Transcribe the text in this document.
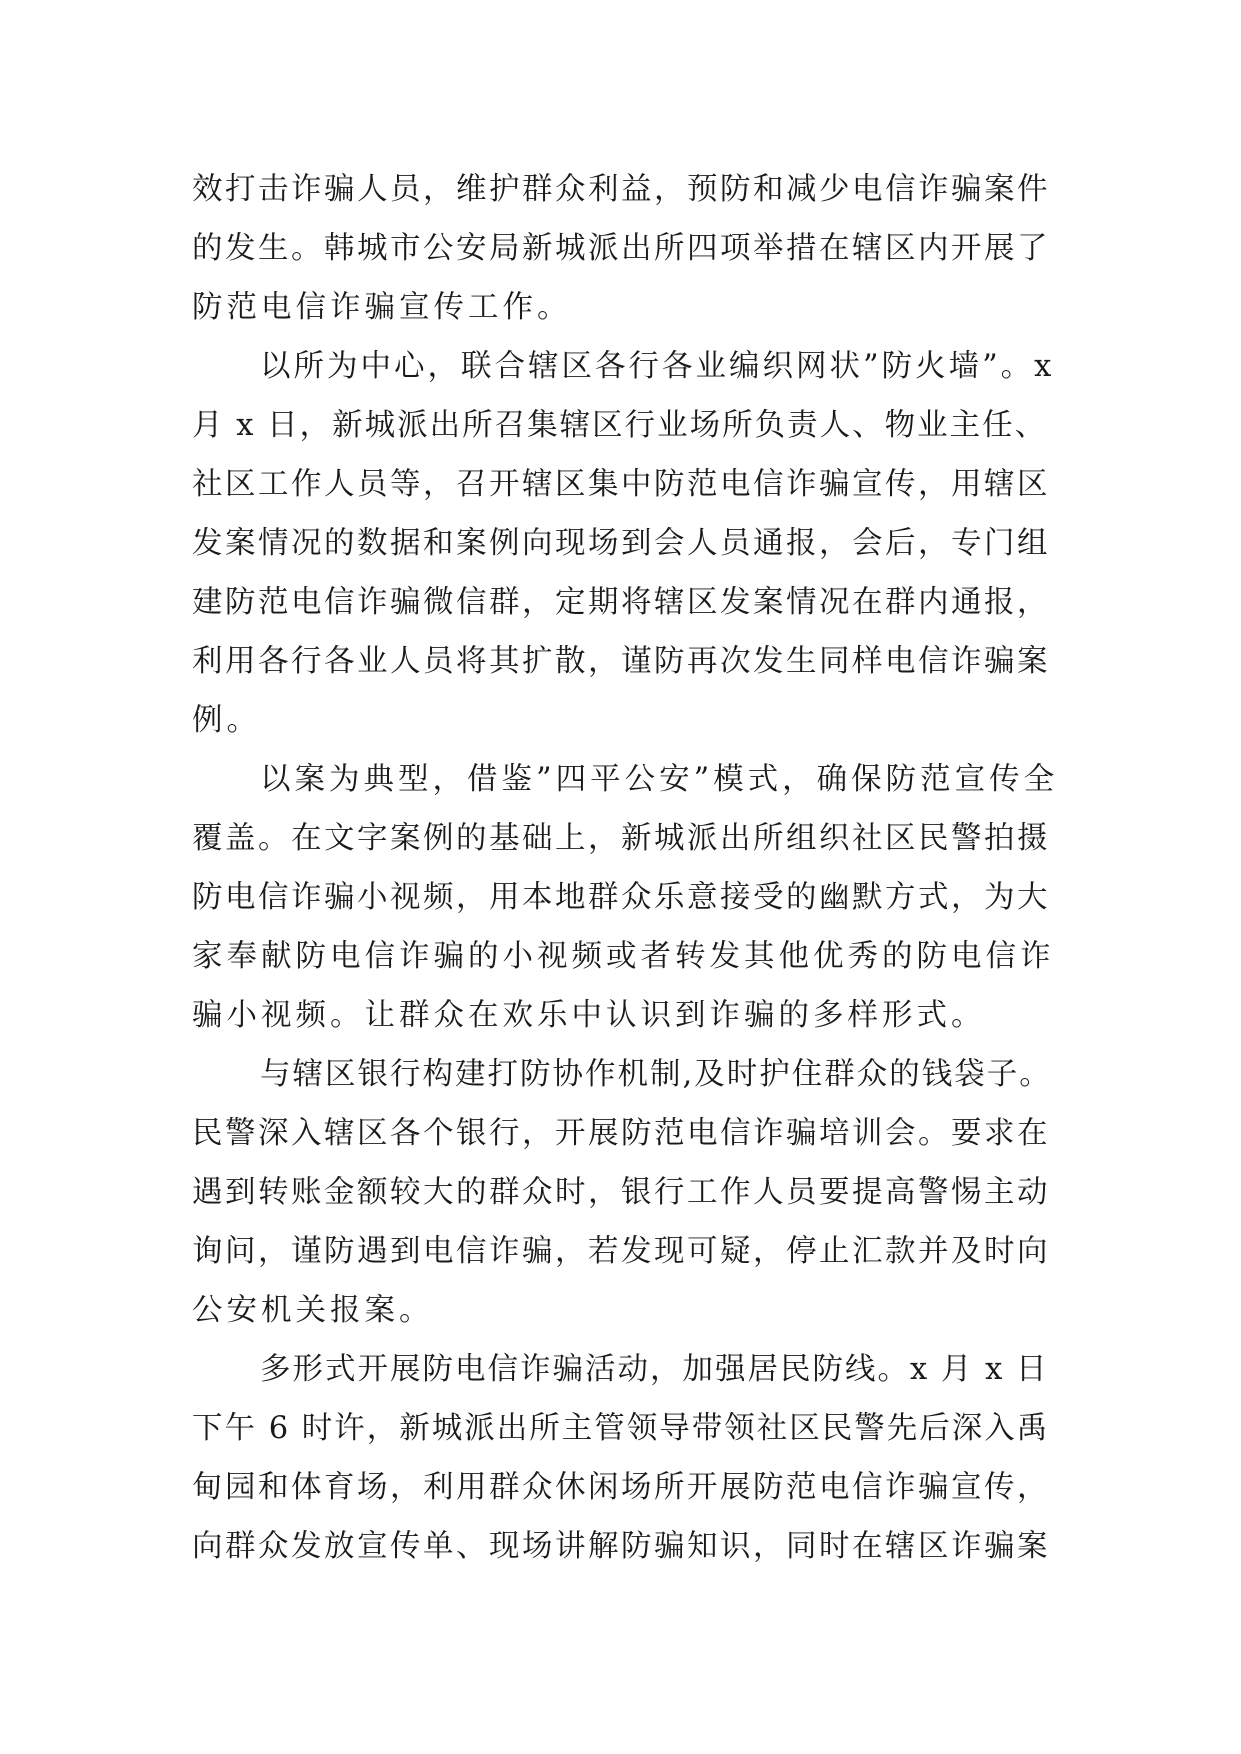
效打击诈骗人员，维护群众利益，预防和减少电信诈骗案件
的发生。韩城市公安局新城派出所四项举措在辖区内开展了
防范电信诈骗宣传工作。
以所为中心，联合辖区各行各业编织网状”防火墙”。x
月 x 日，新城派出所召集辖区行业场所负责人、物业主任、
社区工作人员等，召开辖区集中防范电信诈骗宣传，用辖区
发案情况的数据和案例向现场到会人员通报，会后，专门组
建防范电信诈骗微信群，定期将辖区发案情况在群内通报，
利用各行各业人员将其扩散，谨防再次发生同样电信诈骗案
例。
以案为典型，借鉴”四平公安”模式，确保防范宣传全
覆盖。在文字案例的基础上，新城派出所组织社区民警拍摄
防电信诈骗小视频，用本地群众乐意接受的幽默方式，为大
家奉献防电信诈骗的小视频或者转发其他优秀的防电信诈
骗小视频。让群众在欢乐中认识到诈骗的多样形式。
与辖区银行构建打防协作机制,及时护住群众的钱袋子。
民警深入辖区各个银行，开展防范电信诈骗培训会。要求在
遇到转账金额较大的群众时，银行工作人员要提高警惕主动
询问，谨防遇到电信诈骗，若发现可疑，停止汇款并及时向
公安机关报案。
多形式开展防电信诈骗活动，加强居民防线。x 月 x 日
下午 6 时许，新城派出所主管领导带领社区民警先后深入禹
甸园和体育场，利用群众休闲场所开展防范电信诈骗宣传，
向群众发放宣传单、现场讲解防骗知识，同时在辖区诈骗案
